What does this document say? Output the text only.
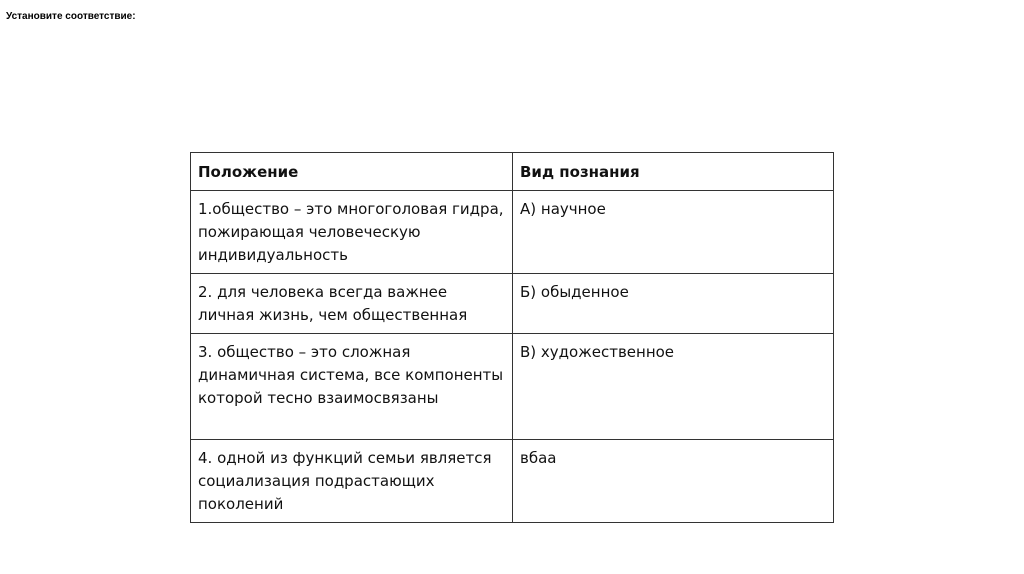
Установите соответствие:
Положение	Вид познания
1.общество – это многоголовая гидра, пожирающая человеческую индивидуальность	А) научное
2. для человека всегда важнее личная жизнь, чем общественная	Б) обыденное
3. общество – это сложная динамичная система, все компоненты которой тесно взаимосвязаны	В) художественное
4. одной из функций семьи является социализация подрастающих поколений	вбаа
